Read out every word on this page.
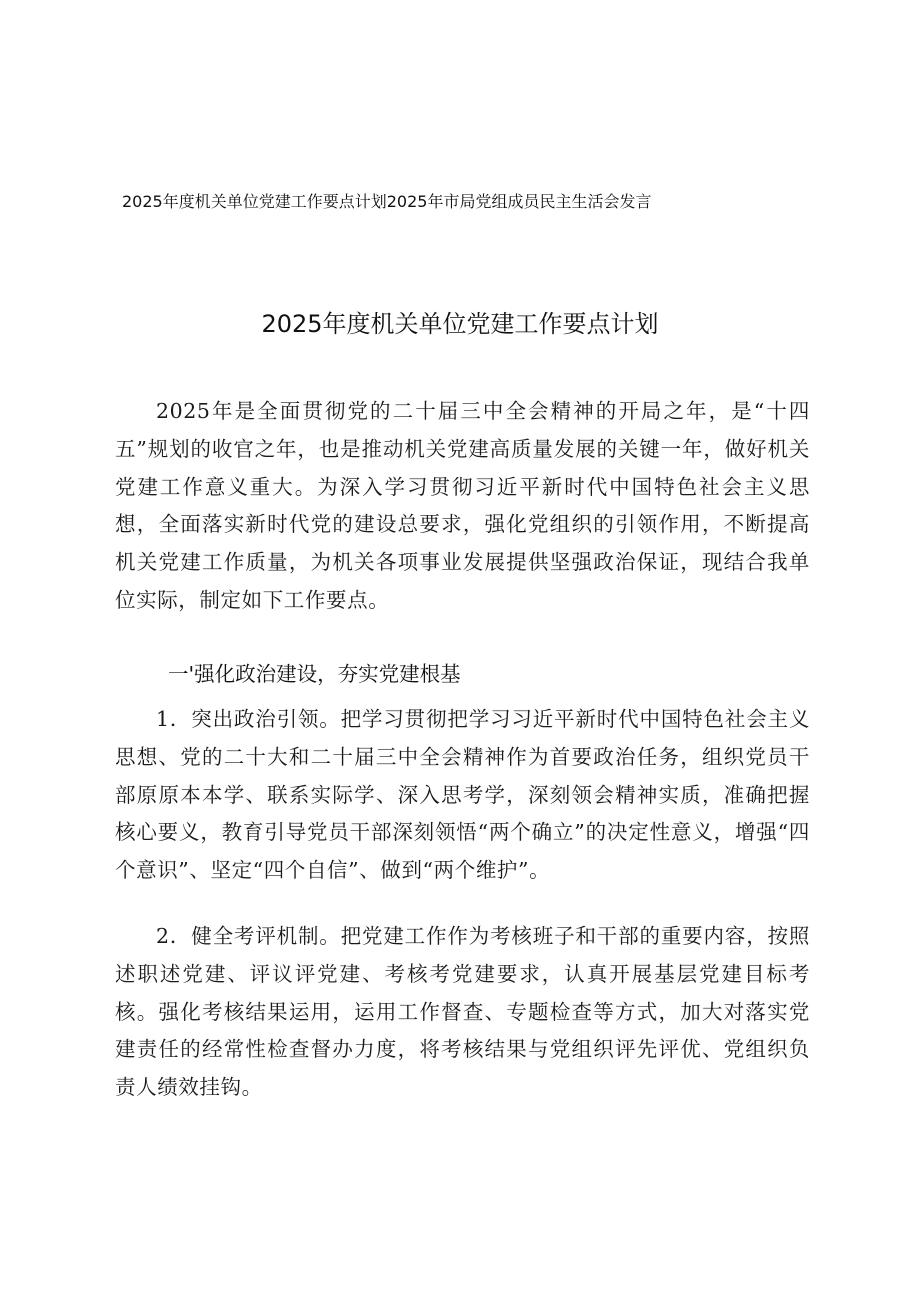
2025年度机关单位党建工作要点计划2025年市局党组成员民主生活会发言
2025年度机关单位党建工作要点计划

2025年是全面贯彻党的二十届三中全会精神的开局之年，是“十四五”规划的收官之年，也是推动机关党建高质量发展的关键一年，做好机关党建工作意义重大。为深入学习贯彻习近平新时代中国特色社会主义思想，全面落实新时代党的建设总要求，强化党组织的引领作用，不断提高机关党建工作质量，为机关各项事业发展提供坚强政治保证，现结合我单位实际，制定如下工作要点。

一'强化政治建设，夯实党建根基

1．突出政治引领。把学习贯彻把学习习近平新时代中国特色社会主义思想、党的二十大和二十届三中全会精神作为首要政治任务，组织党员干部原原本本学、联系实际学、深入思考学，深刻领会精神实质，准确把握核心要义，教育引导党员干部深刻领悟“两个确立”的决定性意义，增强“四个意识”、坚定“四个自信”、做到“两个维护”。

2．健全考评机制。把党建工作作为考核班子和干部的重要内容，按照述职述党建、评议评党建、考核考党建要求，认真开展基层党建目标考核。强化考核结果运用，运用工作督查、专题检查等方式，加大对落实党建责任的经常性检查督办力度，将考核结果与党组织评先评优、党组织负责人绩效挂钩。
